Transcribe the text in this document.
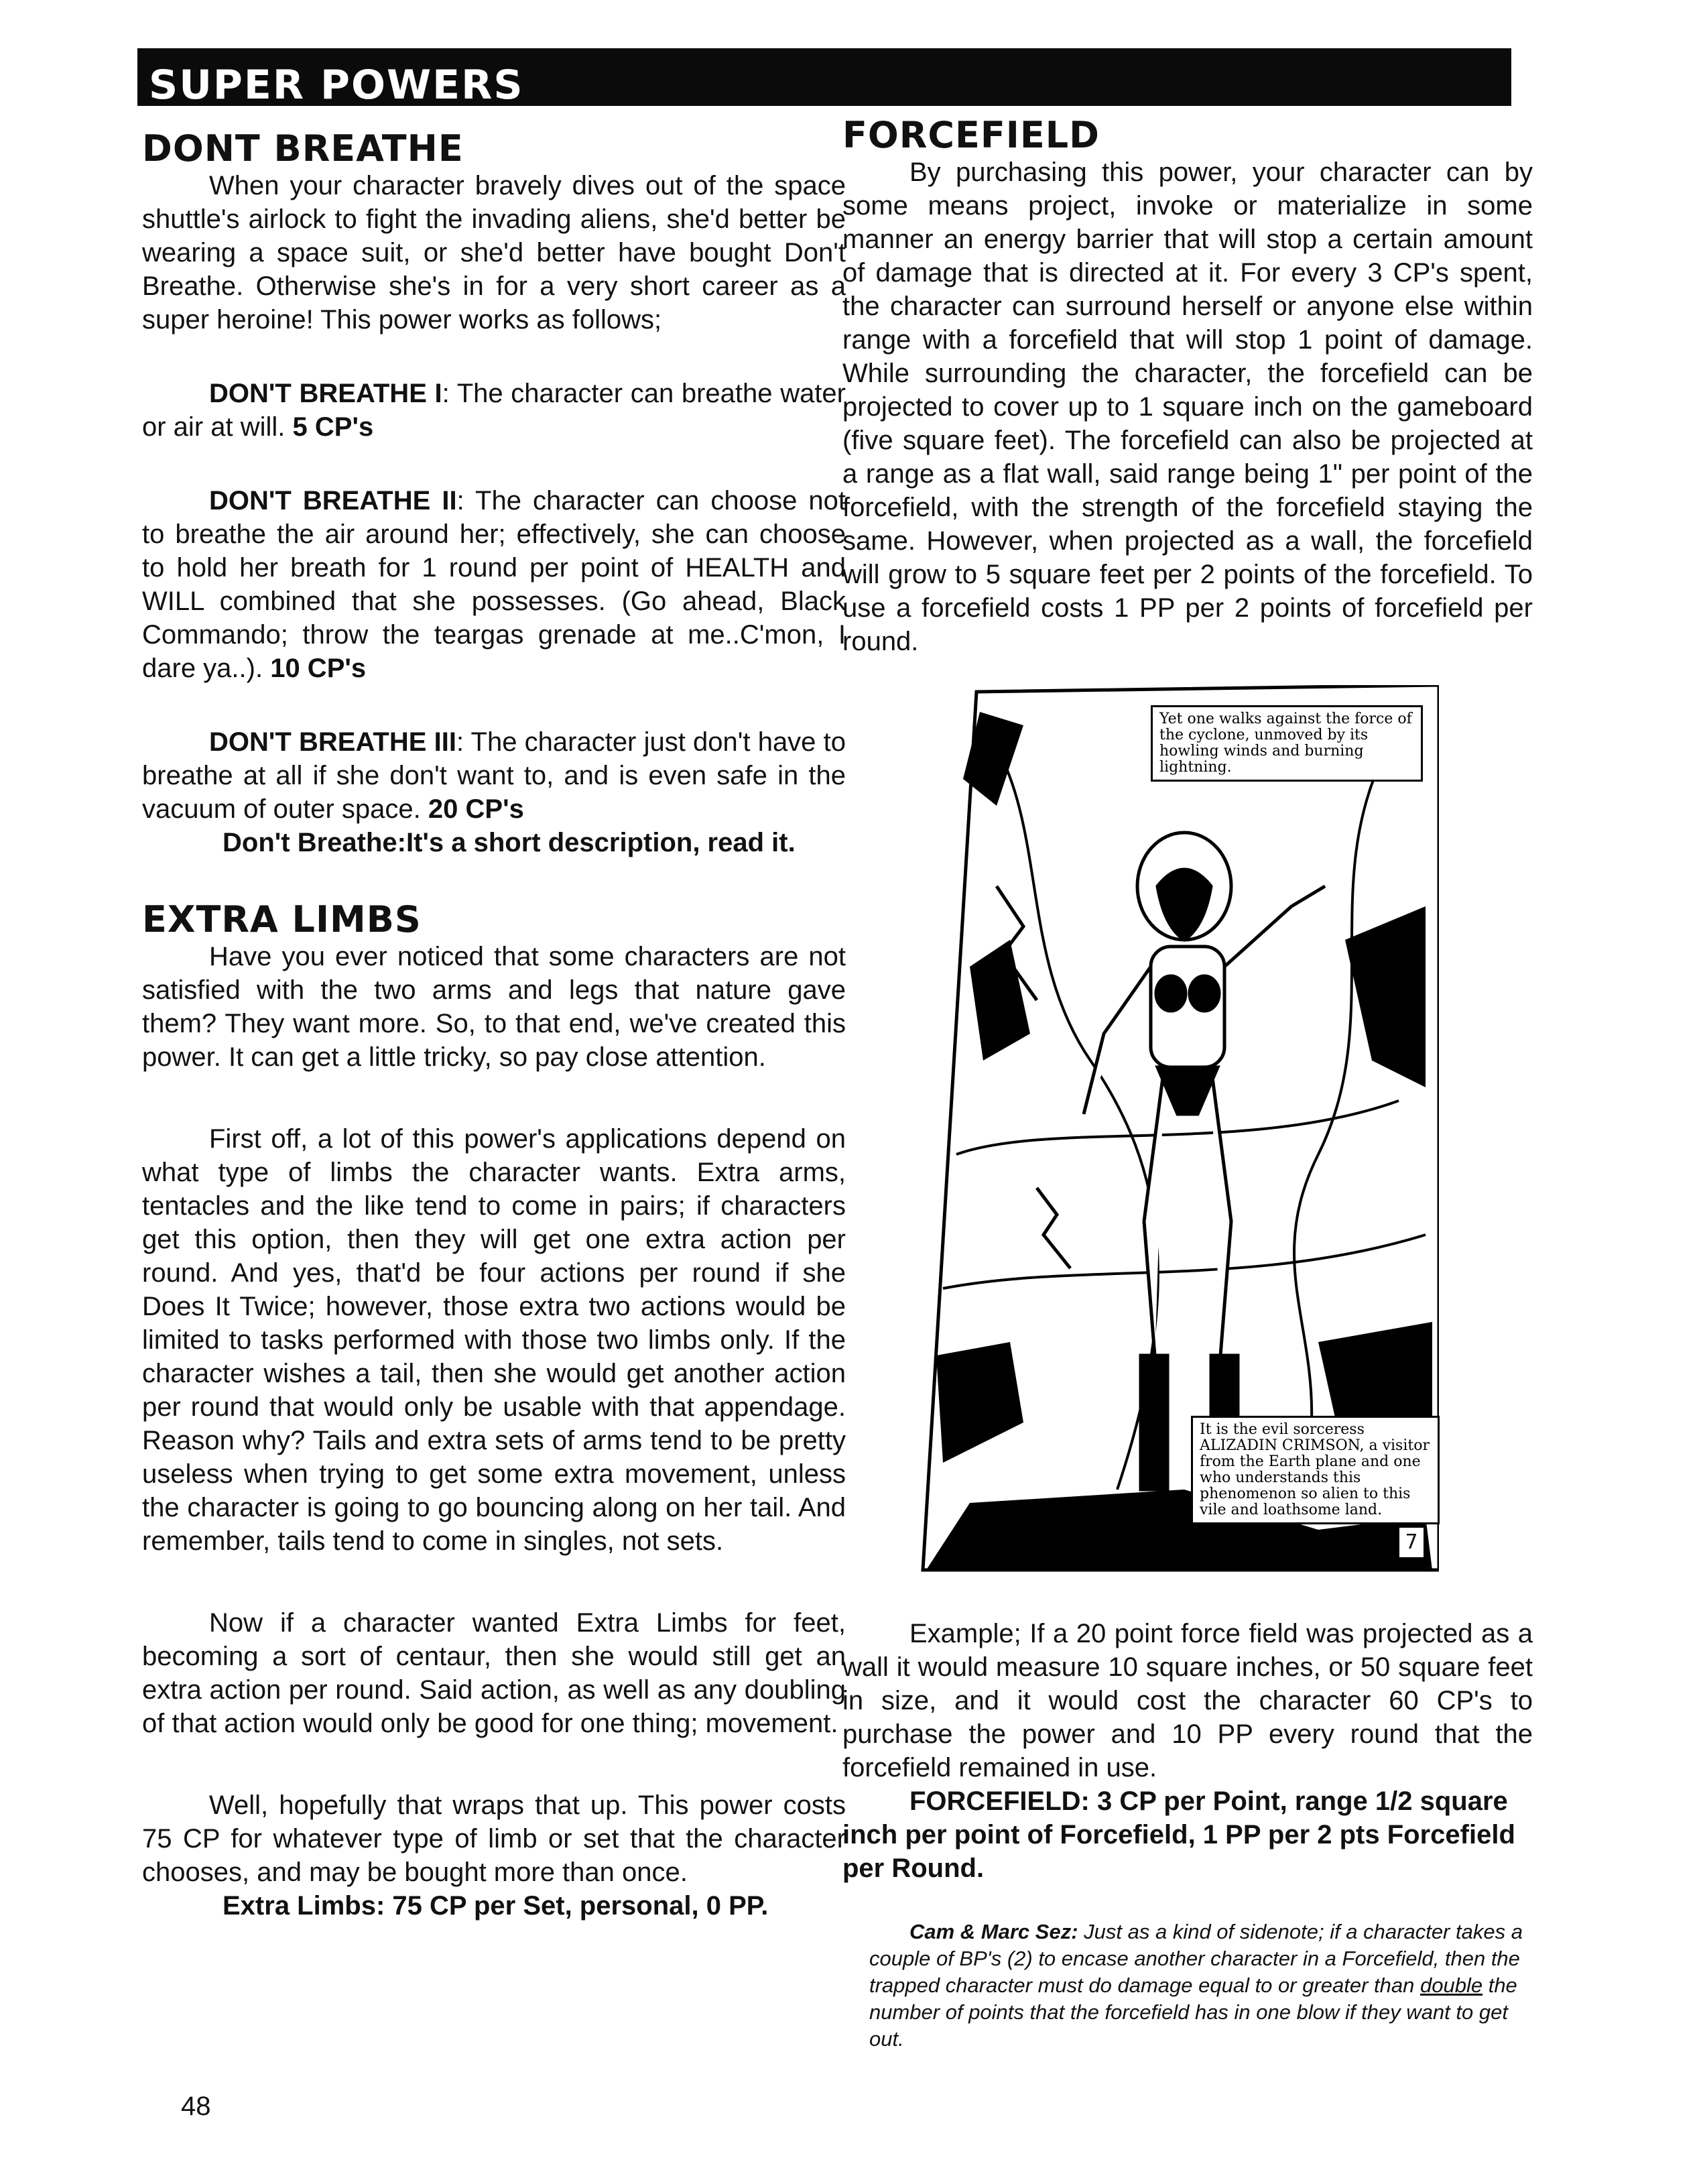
SUPER POWERS
DONT BREATHE

When your character bravely dives out of the space shuttle's airlock to fight the invading aliens, she'd better be wearing a space suit, or she'd better have bought Don't Breathe. Otherwise she's in for a very short career as a super heroine! This power works as follows;

DON'T BREATHE I: The character can breathe water or air at will. 5 CP's

DON'T BREATHE II: The character can choose not to breathe the air around her; effectively, she can choose to hold her breath for 1 round per point of HEALTH and WILL combined that she possesses. (Go ahead, Black Commando; throw the teargas grenade at me..C'mon, I dare ya..). 10 CP's

DON'T BREATHE III: The character just don't have to breathe at all if she don't want to, and is even safe in the vacuum of outer space. 20 CP's

Don't Breathe:It's a short description, read it.

EXTRA LIMBS

Have you ever noticed that some characters are not satisfied with the two arms and legs that nature gave them? They want more. So, to that end, we've created this power. It can get a little tricky, so pay close attention.

First off, a lot of this power's applications depend on what type of limbs the character wants. Extra arms, tentacles and the like tend to come in pairs; if characters get this option, then they will get one extra action per round. And yes, that'd be four actions per round if she Does It Twice; however, those extra two actions would be limited to tasks performed with those two limbs only. If the character wishes a tail, then she would get another action per round that would only be usable with that appendage. Reason why? Tails and extra sets of arms tend to be pretty useless when trying to get some extra movement, unless the character is going to go bouncing along on her tail. And remember, tails tend to come in singles, not sets.

Now if a character wanted Extra Limbs for feet, becoming a sort of centaur, then she would still get an extra action per round. Said action, as well as any doubling of that action would only be good for one thing; movement.

Well, hopefully that wraps that up. This power costs 75 CP for whatever type of limb or set that the character chooses, and may be bought more than once.

Extra Limbs: 75 CP per Set, personal, 0 PP.

FORCEFIELD

By purchasing this power, your character can by some means project, invoke or materialize in some manner an energy barrier that will stop a certain amount of damage that is directed at it. For every 3 CP's spent, the character can surround herself or anyone else within range with a forcefield that will stop 1 point of damage. While surrounding the character, the forcefield can be projected to cover up to 1 square inch on the gameboard (five square feet). The forcefield can also be projected at a range as a flat wall, said range being 1" per point of the forcefield, with the strength of the forcefield staying the same. However, when projected as a wall, the forcefield will grow to 5 square feet per 2 points of the forcefield. To use a forcefield costs 1 PP per 2 points of forcefield per round.

Yet one walks against the force of the cyclone, unmoved by its howling winds and burning lightning.
It is the evil sorceress ALIZADIN CRIMSON, a visitor from the Earth plane and one who understands this phenomenon so alien to this vile and loathsome land.
7

Example; If a 20 point force field was projected as a wall it would measure 10 square inches, or 50 square feet in size, and it would cost the character 60 CP's to purchase the power and 10 PP every round that the forcefield remained in use.

FORCEFIELD: 3 CP per Point, range 1/2 square inch per point of Forcefield, 1 PP per 2 pts Forcefield per Round.

Cam & Marc Sez: Just as a kind of sidenote; if a character takes a couple of BP's (2) to encase another character in a Forcefield, then the trapped character must do damage equal to or greater than double the number of points that the forcefield has in one blow if they want to get out.

48
